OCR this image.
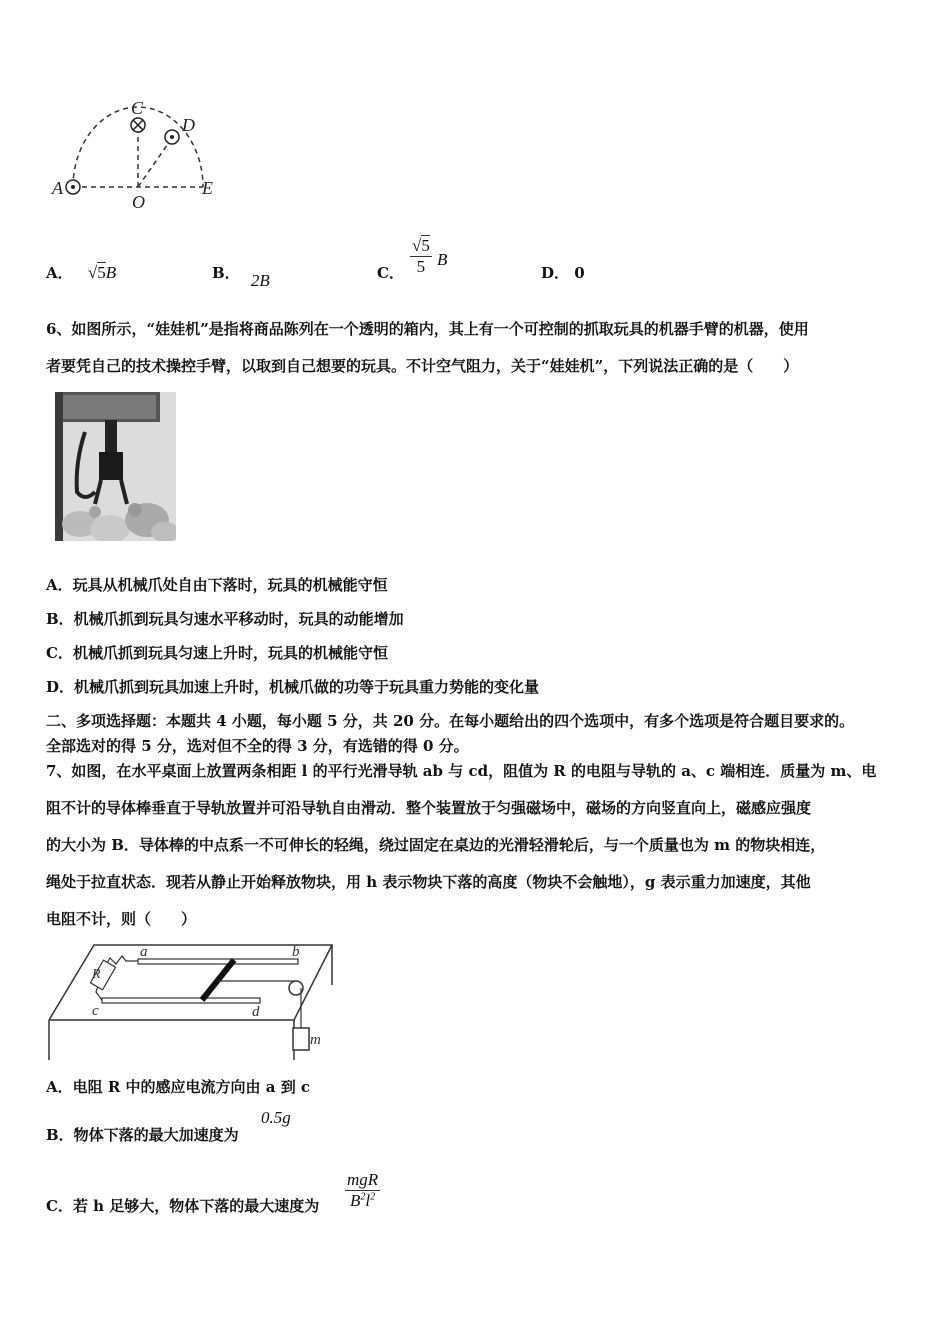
A
O
E
C
D
A． √5B	B． 2B	C． $\frac{√5}{5}$ B
D． 0
6、如图所示，“娃娃机”是指将商品陈列在一个透明的箱内，其上有一个可控制的抓取玩具的机器手臂的机器，使用
者要凭自己的技术操控手臂，以取到自己想要的玩具。不计空气阻力，关于“娃娃机”，下列说法正确的是（　　）
A．玩具从机械爪处自由下落时，玩具的机械能守恒
B．机械爪抓到玩具匀速水平移动时，玩具的动能增加
C．机械爪抓到玩具匀速上升时，玩具的机械能守恒
D．机械爪抓到玩具加速上升时，机械爪做的功等于玩具重力势能的变化量
二、多项选择题：本题共 4 小题，每小题 5 分，共 20 分。在每小题给出的四个选项中，有多个选项是符合题目要求的。
全部选对的得 5 分，选对但不全的得 3 分，有选错的得 0 分。
7、如图，在水平桌面上放置两条相距 l 的平行光滑导轨 ab 与 cd，阻值为 R 的电阻与导轨的 a、c 端相连．质量为 m、电
阻不计的导体棒垂直于导轨放置并可沿导轨自由滑动．整个装置放于匀强磁场中，磁场的方向竖直向上，磁感应强度
的大小为 B．导体棒的中点系一不可伸长的轻绳，绕过固定在桌边的光滑轻滑轮后，与一个质量也为 m 的物块相连，
绳处于拉直状态．现若从静止开始释放物块，用 h 表示物块下落的高度（物块不会触地），g 表示重力加速度，其他
电阻不计，则（　　）
a	b
c	d
R
m
A．电阻 R 中的感应电流方向由 a 到 c
B．物体下落的最大加速度为
0.5g
C．若 h 足够大，物体下落的最大速度为 $\frac{\text{mgR}}{B^2l^2}$
